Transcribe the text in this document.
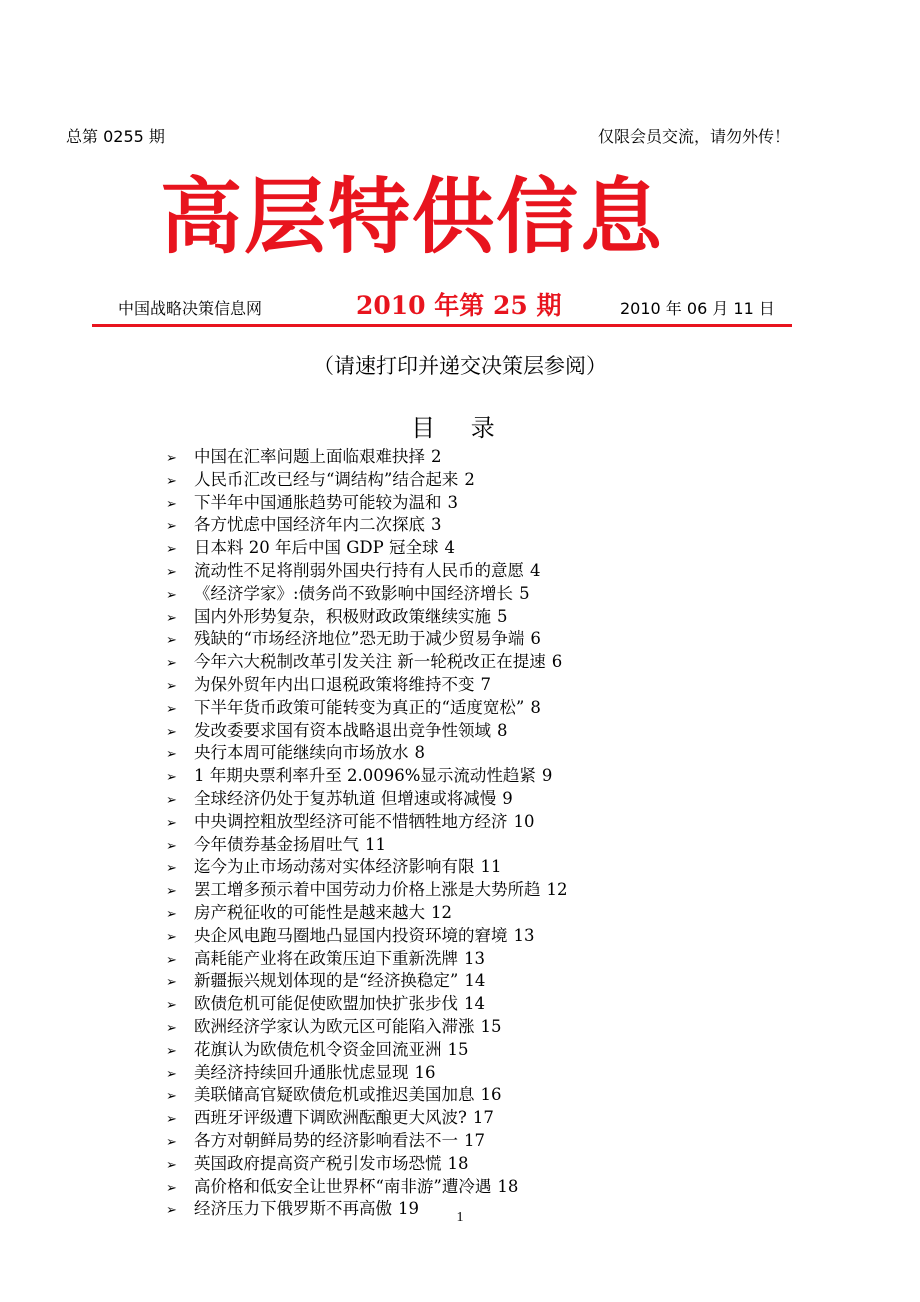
总第 0255 期	仅限会员交流，请勿外传！
高层特供信息
中国战略决策信息网	2010 年第 25 期	2010 年 06 月 11 日
（请速打印并递交决策层参阅）
目 录
➢ 中国在汇率问题上面临艰难抉择 2
➢ 人民币汇改已经与“调结构”结合起来 2
➢ 下半年中国通胀趋势可能较为温和 3
➢ 各方忧虑中国经济年内二次探底 3
➢ 日本料 20 年后中国 GDP 冠全球 4
➢ 流动性不足将削弱外国央行持有人民币的意愿 4
➢ 《经济学家》:债务尚不致影响中国经济增长 5
➢ 国内外形势复杂，积极财政政策继续实施 5
➢ 残缺的“市场经济地位”恐无助于减少贸易争端 6
➢ 今年六大税制改革引发关注 新一轮税改正在提速 6
➢ 为保外贸年内出口退税政策将维持不变 7
➢ 下半年货币政策可能转变为真正的“适度宽松” 8
➢ 发改委要求国有资本战略退出竞争性领域 8
➢ 央行本周可能继续向市场放水 8
➢ 1 年期央票利率升至 2.0096%显示流动性趋紧 9
➢ 全球经济仍处于复苏轨道 但增速或将减慢 9
➢ 中央调控粗放型经济可能不惜牺牲地方经济 10
➢ 今年债券基金扬眉吐气 11
➢ 迄今为止市场动荡对实体经济影响有限 11
➢ 罢工增多预示着中国劳动力价格上涨是大势所趋 12
➢ 房产税征收的可能性是越来越大 12
➢ 央企风电跑马圈地凸显国内投资环境的窘境 13
➢ 高耗能产业将在政策压迫下重新洗牌 13
➢ 新疆振兴规划体现的是“经济换稳定” 14
➢ 欧债危机可能促使欧盟加快扩张步伐 14
➢ 欧洲经济学家认为欧元区可能陷入滞涨 15
➢ 花旗认为欧债危机令资金回流亚洲 15
➢ 美经济持续回升通胀忧虑显现 16
➢ 美联储高官疑欧债危机或推迟美国加息 16
➢ 西班牙评级遭下调欧洲酝酿更大风波? 17
➢ 各方对朝鲜局势的经济影响看法不一 17
➢ 英国政府提高资产税引发市场恐慌 18
➢ 高价格和低安全让世界杯“南非游”遭冷遇 18
➢ 经济压力下俄罗斯不再高傲 19	1
